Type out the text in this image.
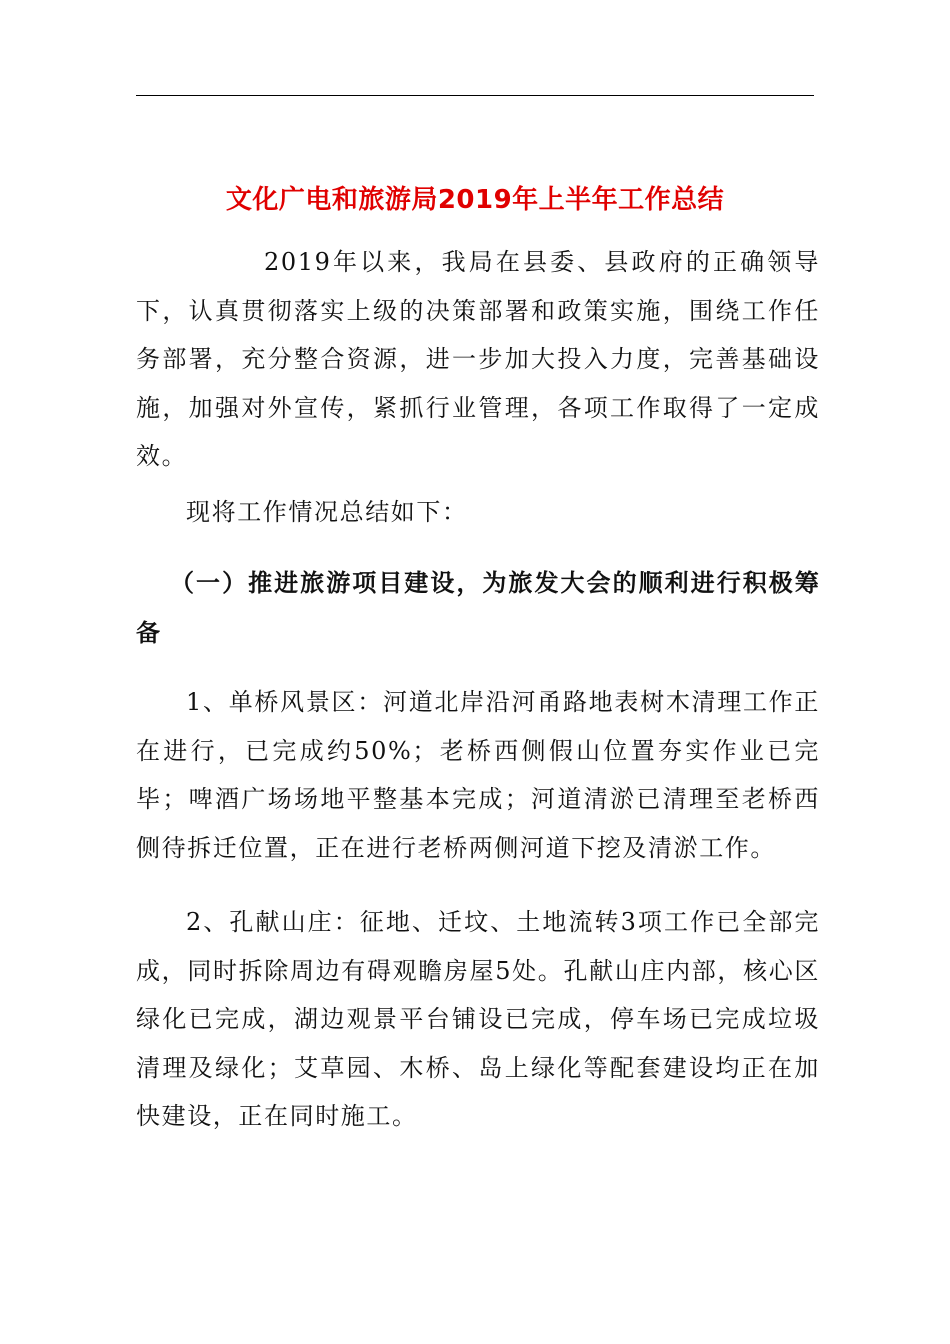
文化广电和旅游局2019年上半年工作总结

2019年以来，我局在县委、县政府的正确领导下，认真贯彻落实上级的决策部署和政策实施，围绕工作任务部署，充分整合资源，进一步加大投入力度，完善基础设施，加强对外宣传，紧抓行业管理，各项工作取得了一定成效。

现将工作情况总结如下：

（一）推进旅游项目建设，为旅发大会的顺利进行积极筹备

1、单桥风景区：河道北岸沿河甬路地表树木清理工作正在进行，已完成约50%；老桥西侧假山位置夯实作业已完毕；啤酒广场场地平整基本完成；河道清淤已清理至老桥西侧待拆迁位置，正在进行老桥两侧河道下挖及清淤工作。

2、孔献山庄：征地、迁坟、土地流转3项工作已全部完成，同时拆除周边有碍观瞻房屋5处。孔献山庄内部，核心区绿化已完成，湖边观景平台铺设已完成，停车场已完成垃圾清理及绿化；艾草园、木桥、岛上绿化等配套建设均正在加快建设，正在同时施工。
